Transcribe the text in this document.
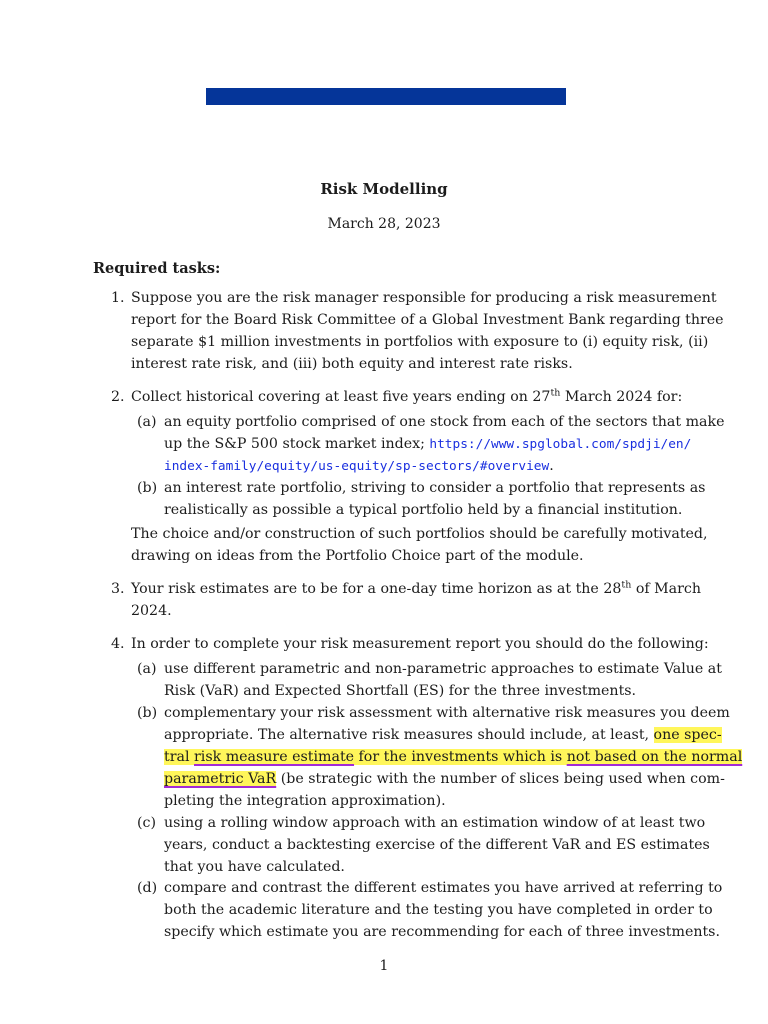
Risk Modelling
March 28, 2023
Required tasks:
1. Suppose you are the risk manager responsible for producing a risk measurement
report for the Board Risk Committee of a Global Investment Bank regarding three
separate $1 million investments in portfolios with exposure to (i) equity risk, (ii)
interest rate risk, and (iii) both equity and interest rate risks.
2. Collect historical covering at least five years ending on 27th March 2024 for:
(a) an equity portfolio comprised of one stock from each of the sectors that make
up the S&P 500 stock market index; https://www.spglobal.com/spdji/en/
index-family/equity/us-equity/sp-sectors/#overview.
(b) an interest rate portfolio, striving to consider a portfolio that represents as
realistically as possible a typical portfolio held by a financial institution.
The choice and/or construction of such portfolios should be carefully motivated,
drawing on ideas from the Portfolio Choice part of the module.
3. Your risk estimates are to be for a one-day time horizon as at the 28th of March
2024.
4. In order to complete your risk measurement report you should do the following:
(a) use different parametric and non-parametric approaches to estimate Value at
Risk (VaR) and Expected Shortfall (ES) for the three investments.
(b) complementary your risk assessment with alternative risk measures you deem
appropriate. The alternative risk measures should include, at least, one spec-
tral risk measure estimate for the investments which is not based on the normal
parametric VaR (be strategic with the number of slices being used when com-
pleting the integration approximation).
(c) using a rolling window approach with an estimation window of at least two
years, conduct a backtesting exercise of the different VaR and ES estimates
that you have calculated.
(d) compare and contrast the different estimates you have arrived at referring to
both the academic literature and the testing you have completed in order to
specify which estimate you are recommending for each of three investments.
1
